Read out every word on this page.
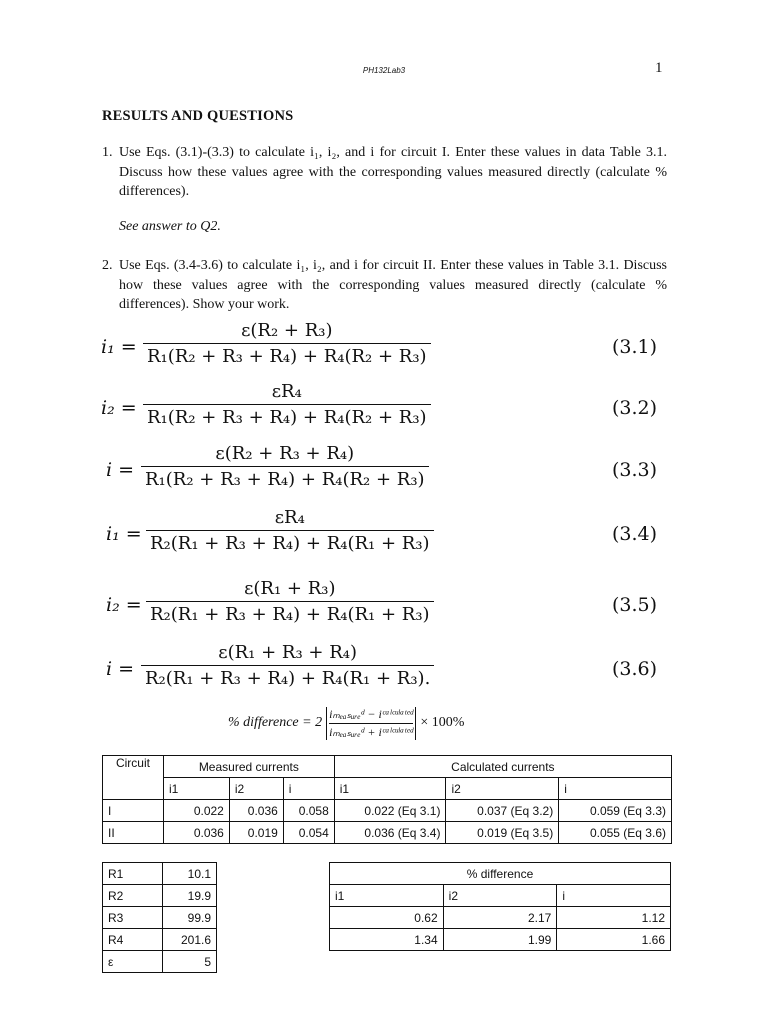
PH132Lab3	1
RESULTS AND QUESTIONS
1. Use Eqs. (3.1)-(3.3) to calculate i₁, i₂, and i for circuit I. Enter these values in data Table 3.1. Discuss how these values agree with the corresponding values measured directly (calculate % differences).
See answer to Q2.
2. Use Eqs. (3.4-3.6) to calculate i₁, i₂, and i for circuit II. Enter these values in Table 3.1. Discuss how these values agree with the corresponding values measured directly (calculate % differences). Show your work.
$i_1 = \frac{\text{ε(R₂ + R₃)}}{\text{R₁(R₂ + R₃ + R₄) + R₄(R₂ + R₃)}}$	(3.1)
$i_2 = \frac{\text{εR₄}}{\text{R₁(R₂ + R₃ + R₄) + R₄(R₂ + R₃)}}$	(3.2)
$i = \frac{\text{ε(R₂ + R₃ + R₄)}}{\text{R₁(R₂ + R₃ + R₄) + R₄(R₂ + R₃)}}$	(3.3)
$i_1 = \frac{\text{εR₄}}{\text{R₂(R₁ + R₃ + R₄) + R₄(R₁ + R₃)}}$	(3.4)
$i_2 = \frac{\text{ε(R₁ + R₃)}}{\text{R₂(R₁ + R₃ + R₄) + R₄(R₁ + R₃)}}$	(3.5)
$i = \frac{\text{ε(R₁ + R₃ + R₄)}}{\text{R₂(R₁ + R₃ + R₄) + R₄(R₁ + R₃).}}$	(3.6)
% difference = 2
iₘₑₐₛᵤᵣₑᵈ − iᶜᵃˡᶜᵘˡᵃᵗᵉᵈ
iₘₑₐₛᵤᵣₑᵈ + iᶜᵃˡᶜᵘˡᵃᵗᵉᵈ
× 100%
Circuit	Measured currents			Calculated currents		
	i1	i2	i	i1	i2	i
I	0.022	0.036	0.058	0.022 (Eq 3.1)	0.037 (Eq 3.2)	0.059 (Eq 3.3)
II	0.036	0.019	0.054	0.036 (Eq 3.4)	0.019 (Eq 3.5)	0.055 (Eq 3.6)
R1	10.1
R2	19.9
R3	99.9
R4	201.6
ε	5
% difference		
i1	i2	i
0.62	2.17	1.12
1.34	1.99	1.66
